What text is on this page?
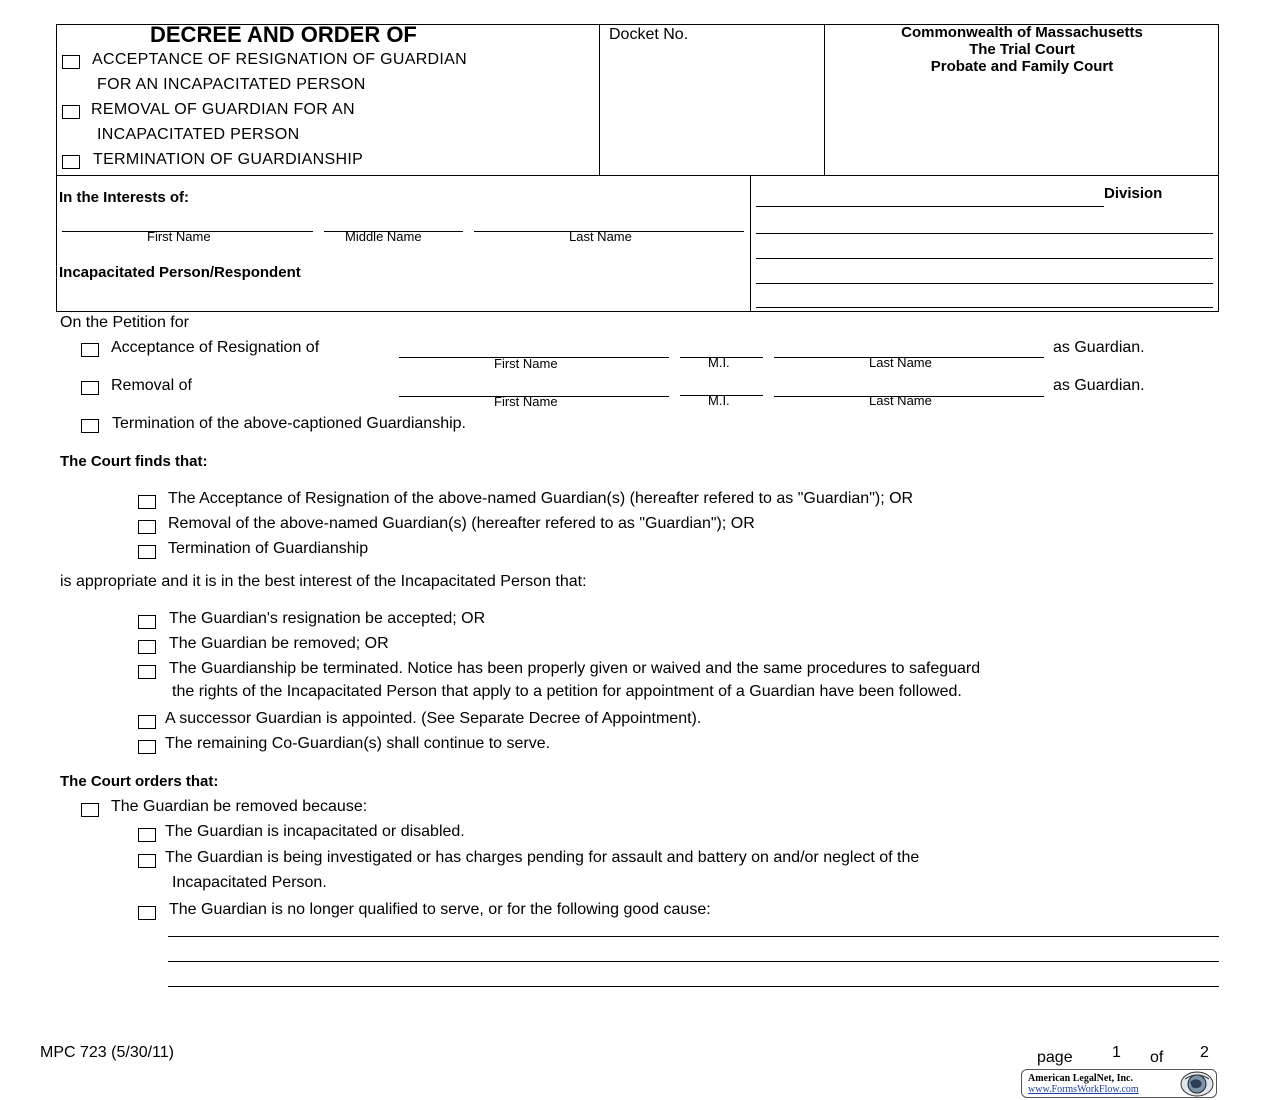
DECREE AND ORDER OF
ACCEPTANCE OF RESIGNATION OF GUARDIAN
FOR AN INCAPACITATED PERSON
REMOVAL OF GUARDIAN FOR AN
INCAPACITATED PERSON
TERMINATION OF GUARDIANSHIP
Docket No.	Commonwealth of Massachusetts
The Trial Court
Probate and Family Court
In the Interests of:
First Name	Middle Name	Last Name
Incapacitated Person/Respondent
Division
On the Petition for
Acceptance of Resignation of
First Name	M.I.	Last Name
as Guardian.
Removal of
First Name	M.I.	Last Name
as Guardian.
Termination of the above-captioned Guardianship.
The Court finds that:
The Acceptance of Resignation of the above-named Guardian(s) (hereafter refered to as "Guardian"); OR
Removal of the above-named Guardian(s) (hereafter refered to as "Guardian"); OR
Termination of Guardianship
is appropriate and it is in the best interest of the Incapacitated Person that:
The Guardian's resignation be accepted; OR
The Guardian be removed; OR
The Guardianship be terminated. Notice has been properly given or waived and the same procedures to safeguard
the rights of the Incapacitated Person that apply to a petition for appointment of a Guardian have been followed.
A successor Guardian is appointed. (See Separate Decree of Appointment).
The remaining Co-Guardian(s) shall continue to serve.
The Court orders that:
The Guardian be removed because:
The Guardian is incapacitated or disabled.
The Guardian is being investigated or has charges pending for assault and battery on and/or neglect of the
Incapacitated Person.
The Guardian is no longer qualified to serve, or for the following good cause:
MPC 723 (5/30/11)	page 1 of 2
American LegalNet, Inc.
www.FormsWorkFlow.com
